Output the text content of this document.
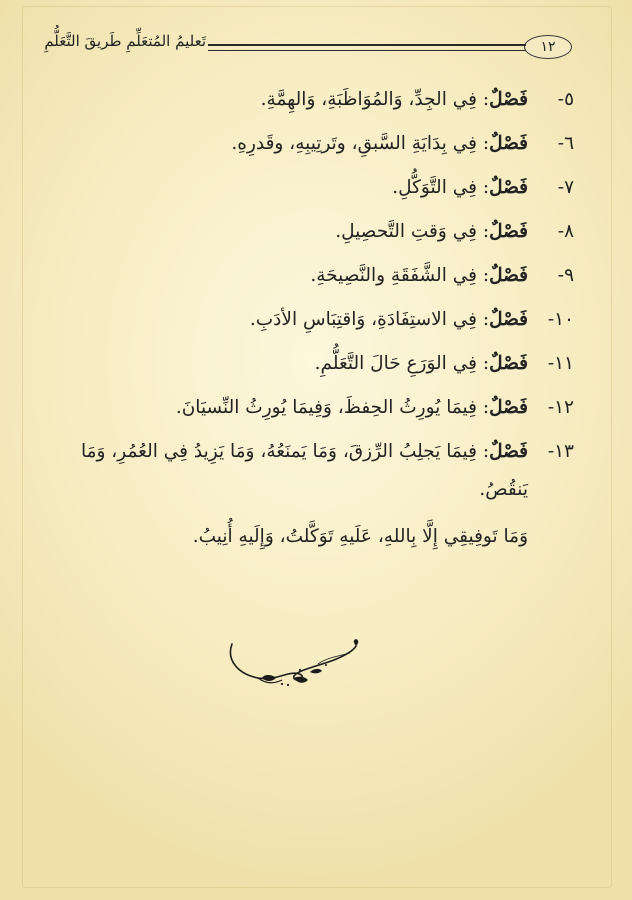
١٢
تَعليمُ المُتعَلِّمِ طَريقَ التَّعَلُّمِ
٥-
فَصْلٌ: فِي الجِدِّ، وَالمُوَاظَبَةِ، وَالهِمَّةِ.
٦-
فَصْلٌ: فِي بِدَايَةِ السَّبقِ، وتَرتِيبِهِ، وقَدرِهِ.
٧-
فَصْلٌ: فِي التَّوَكُّلِ.
٨-
فَصْلٌ: فِي وَقتِ التَّحصِيلِ.
٩-
فَصْلٌ: فِي الشَّفَقَةِ والنَّصِيحَةِ.
١٠-
فَصْلٌ: فِي الاستِفَادَةِ، وَاقتِبَاسِ الأدَبِ.
١١-
فَصْلٌ: فِي الوَرَعِ حَالَ التَّعَلُّمِ.
١٢-
فَصْلٌ: فِيمَا يُورِثُ الحِفظَ، وَفِيمَا يُورِثُ النِّسيَانَ.
١٣-
فَصْلٌ: فِيمَا يَجلِبُ الرِّزقَ، وَمَا يَمنَعُهُ، وَمَا يَزِيدُ فِي العُمُرِ، وَمَا يَنقُصُ.
وَمَا تَوفِيقِي إِلَّا بِاللهِ، عَلَيهِ تَوَكَّلتُ، وَإِلَيهِ أُنِيبُ.
